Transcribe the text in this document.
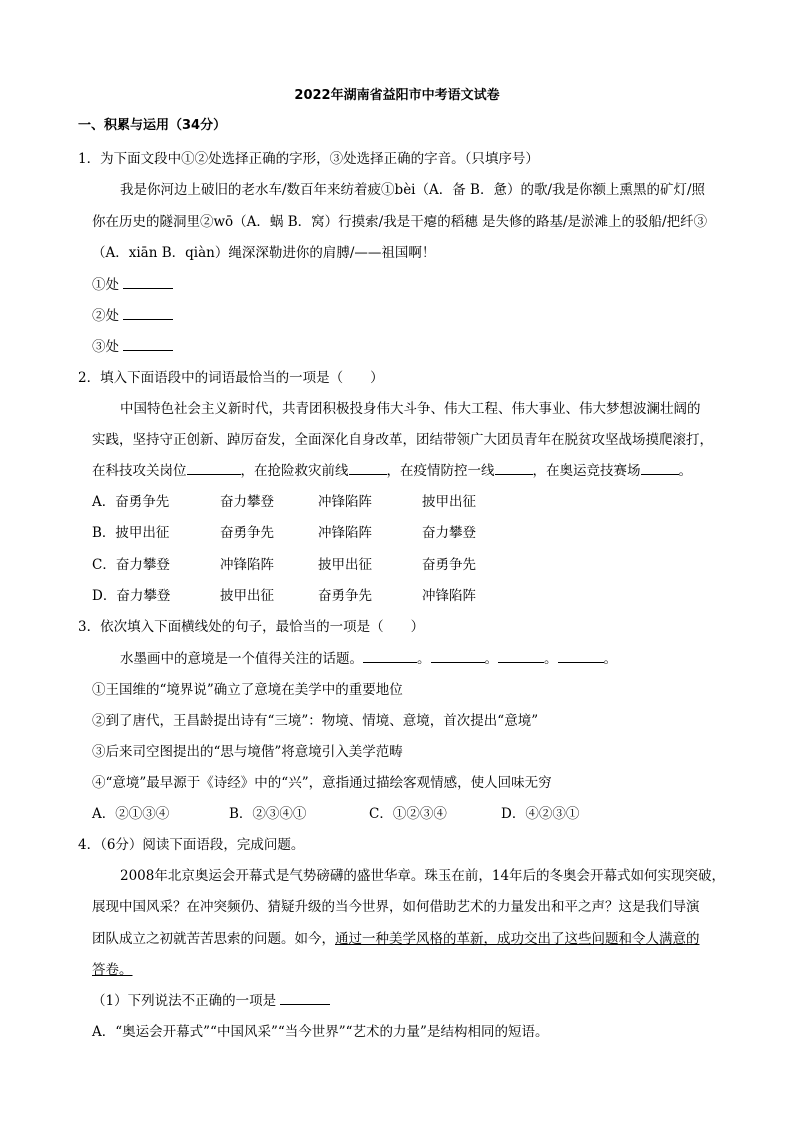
2022年湖南省益阳市中考语文试卷
一、积累与运用（34分）
1．为下面文段中①②处选择正确的字形，③处选择正确的字音。（只填序号）
我是你河边上破旧的老水车/数百年来纺着疲①bèi（A．备 B．惫）的歌/我是你额上熏黑的矿灯/照
你在历史的隧洞里②wō（A．蜗 B．窝）行摸索/我是干瘪的稻穗 是失修的路基/是淤滩上的驳船/把纤③
（A．xiān B．qiàn）绳深深勒进你的肩膊/——祖国啊！
①处
②处
③处
2．填入下面语段中的词语最恰当的一项是（　　）
中国特色社会主义新时代，共青团积极投身伟大斗争、伟大工程、伟大事业、伟大梦想波澜壮阔的
实践，坚持守正创新、踔厉奋发，全面深化自身改革，团结带领广大团员青年在脱贫攻坚战场摸爬滚打，
在科技攻关岗位	，在抢险救灾前线	，在疫情防控一线	，在奥运竞技赛场	。
A．奋勇争先	奋力攀登	冲锋陷阵	披甲出征
B．披甲出征	奋勇争先	冲锋陷阵	奋力攀登
C．奋力攀登	冲锋陷阵	披甲出征	奋勇争先
D．奋力攀登	披甲出征	奋勇争先	冲锋陷阵
3．依次填入下面横线处的句子，最恰当的一项是（　　）
水墨画中的意境是一个值得关注的话题。	。	。	。	。
①王国维的“境界说”确立了意境在美学中的重要地位
②到了唐代，王昌龄提出诗有“三境”：物境、情境、意境，首次提出“意境”
③后来司空图提出的“思与境偕”将意境引入美学范畴
④“意境”最早源于《诗经》中的“兴”，意指通过描绘客观情感，使人回味无穷
A．②①③④	B．②③④①	C．①②③④	D．④②③①
4．（6分）阅读下面语段，完成问题。
2008年北京奥运会开幕式是气势磅礴的盛世华章。珠玉在前，14年后的冬奥会开幕式如何实现突破，
展现中国风采？在冲突频仍、猜疑升级的当今世界，如何借助艺术的力量发出和平之声？这是我们导演
团队成立之初就苦苦思索的问题。如今，通过一种美学风格的革新，成功交出了这些问题和令人满意的
答卷。
（1）下列说法不正确的一项是
A．“奥运会开幕式”“中国风采”“当今世界”“艺术的力量”是结构相同的短语。
